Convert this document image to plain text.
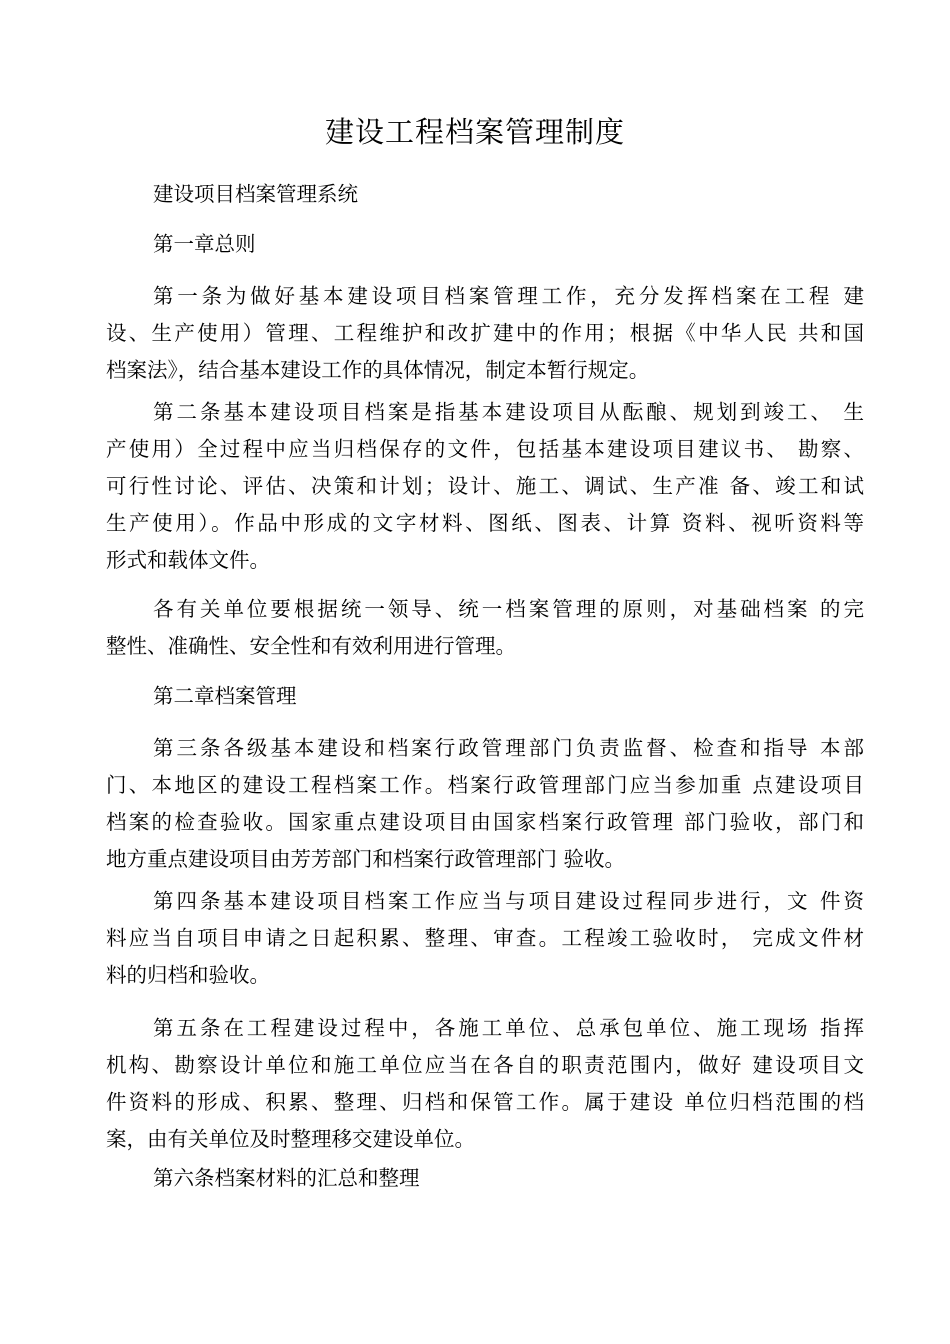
建设工程档案管理制度
建设项目档案管理系统
第一章总则
第一条为做好基本建设项目档案管理工作，充分发挥档案在工程 建
设、生产使用）管理、工程维护和改扩建中的作用；根据《中华人民 共和国
档案法》，结合基本建设工作的具体情况，制定本暂行规定。
第二条基本建设项目档案是指基本建设项目从酝酿、规划到竣工、 生
产使用）全过程中应当归档保存的文件，包括基本建设项目建议书、 勘察、
可行性讨论、评估、决策和计划；设计、施工、调试、生产准 备、竣工和试
生产使用）。作品中形成的文字材料、图纸、图表、计算 资料、视听资料等
形式和载体文件。
各有关单位要根据统一领导、统一档案管理的原则，对基础档案 的完
整性、准确性、安全性和有效利用进行管理。
第二章档案管理
第三条各级基本建设和档案行政管理部门负责监督、检查和指导 本部
门、本地区的建设工程档案工作。档案行政管理部门应当参加重 点建设项目
档案的检查验收。国家重点建设项目由国家档案行政管理 部门验收，部门和
地方重点建设项目由芳芳部门和档案行政管理部门 验收。
第四条基本建设项目档案工作应当与项目建设过程同步进行，文 件资
料应当自项目申请之日起积累、整理、审查。工程竣工验收时， 完成文件材
料的归档和验收。
第五条在工程建设过程中，各施工单位、总承包单位、施工现场 指挥
机构、勘察设计单位和施工单位应当在各自的职责范围内，做好 建设项目文
件资料的形成、积累、整理、归档和保管工作。属于建设 单位归档范围的档
案，由有关单位及时整理移交建设单位。
第六条档案材料的汇总和整理
